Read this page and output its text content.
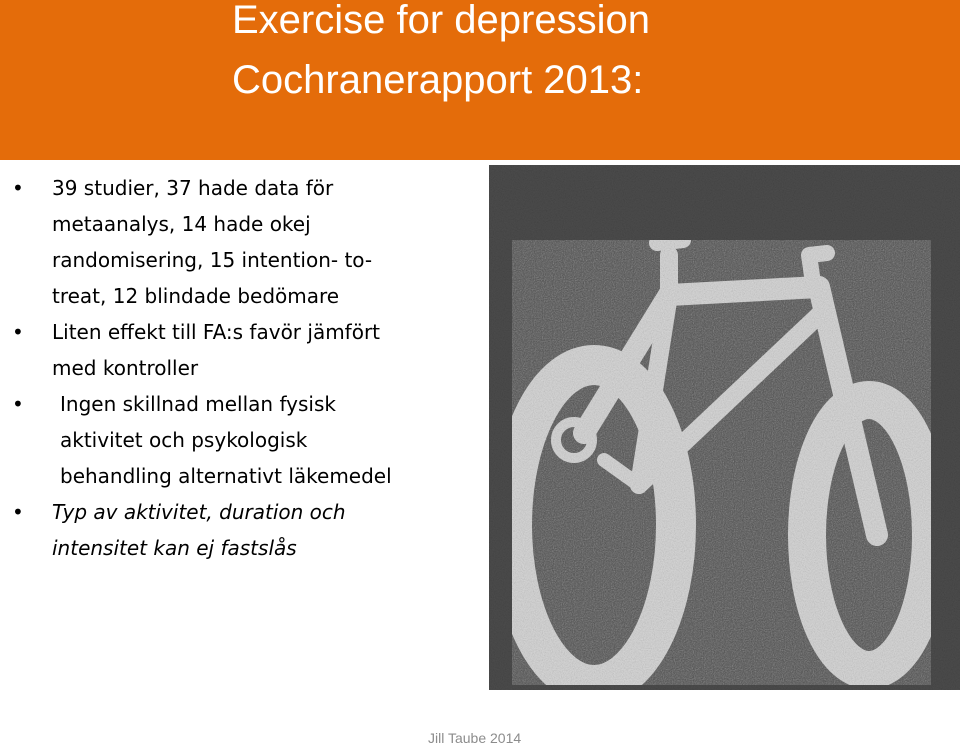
Exercise for depression
Cochranerapport 2013:
• 39 studier, 37 hade data för
metaanalys, 14 hade okej
randomisering, 15 intention- to-
treat, 12 blindade bedömare
• Liten effekt till FA:s favör jämfört
med kontroller
• Ingen skillnad mellan fysisk
aktivitet och psykologisk
behandling alternativt läkemedel
• Typ av aktivitet, duration och
intensitet kan ej fastslås
Jill Taube 2014
